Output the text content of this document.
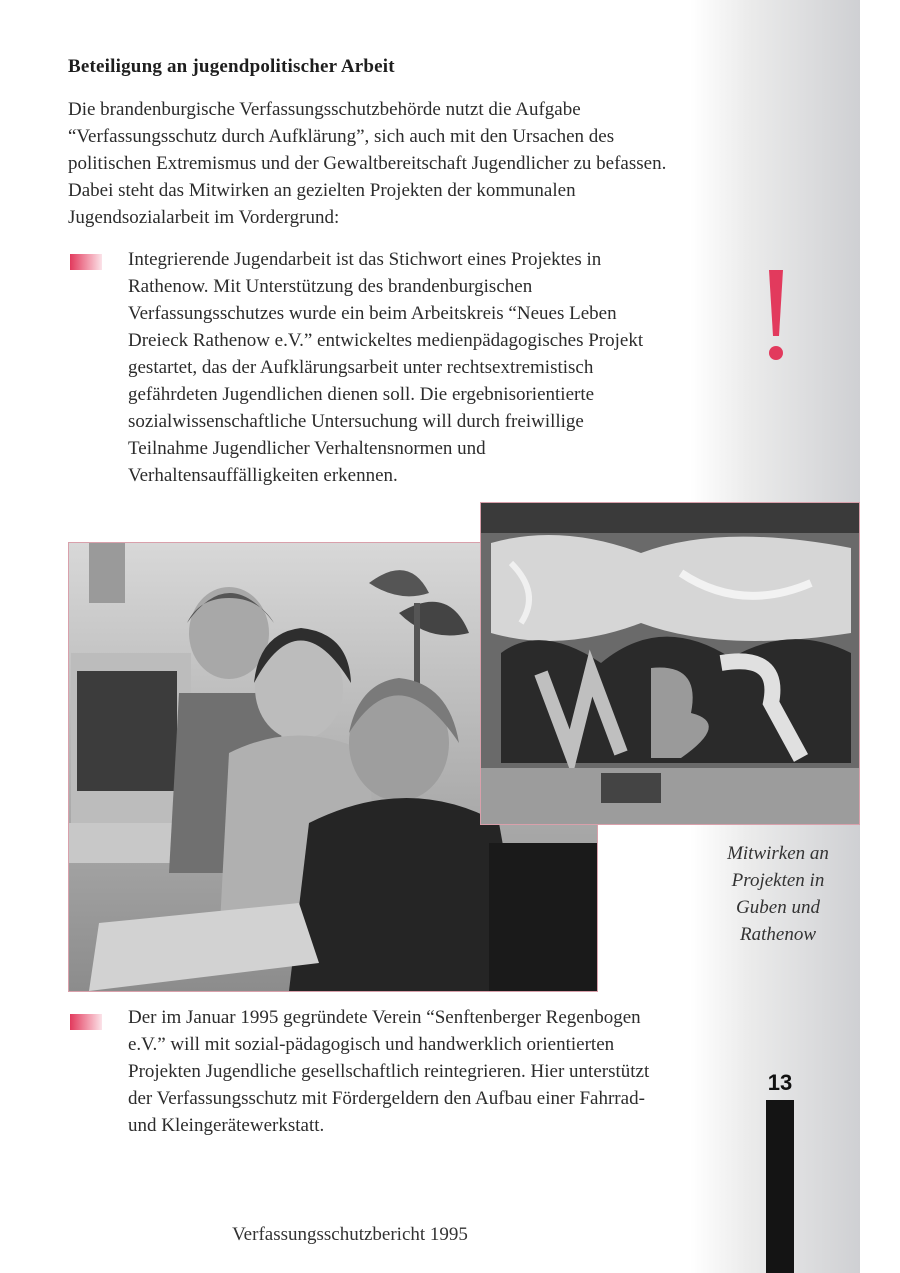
Beteiligung an jugendpolitischer Arbeit

Die brandenburgische Verfassungsschutzbehörde nutzt die Aufgabe “Verfassungsschutz durch Aufklärung”, sich auch mit den Ursachen des politischen Extremismus und der Gewaltbereitschaft Jugendlicher zu befassen. Dabei steht das Mitwirken an gezielten Projekten der kommunalen Jugendsozialarbeit im Vordergrund:

Integrierende Jugendarbeit ist das Stichwort eines Projektes in Rathenow. Mit Unterstützung des brandenburgischen Verfassungsschutzes wurde ein beim Arbeitskreis “Neues Leben Dreieck Rathenow e.V.” entwickeltes medienpädagogisches Projekt gestartet, das der Aufklärungsarbeit unter rechtsextremistisch gefährdeten Jugendlichen dienen soll. Die ergebnisorientierte sozialwissenschaftliche Untersuchung will durch freiwillige Teilnahme Jugendlicher Verhaltensnormen und Verhaltensauffälligkeiten erkennen.

Mitwirken an Projekten in Guben und Rathenow

Der im Januar 1995 gegründete Verein “Senftenberger Regenbogen e.V.” will mit sozial-pädagogisch und handwerklich orientierten Projekten Jugendliche gesellschaftlich reintegrieren. Hier unterstützt der Verfassungsschutz mit Fördergeldern den Aufbau einer Fahrrad- und Kleingerätewerkstatt.

13
Verfassungsschutzbericht 1995
